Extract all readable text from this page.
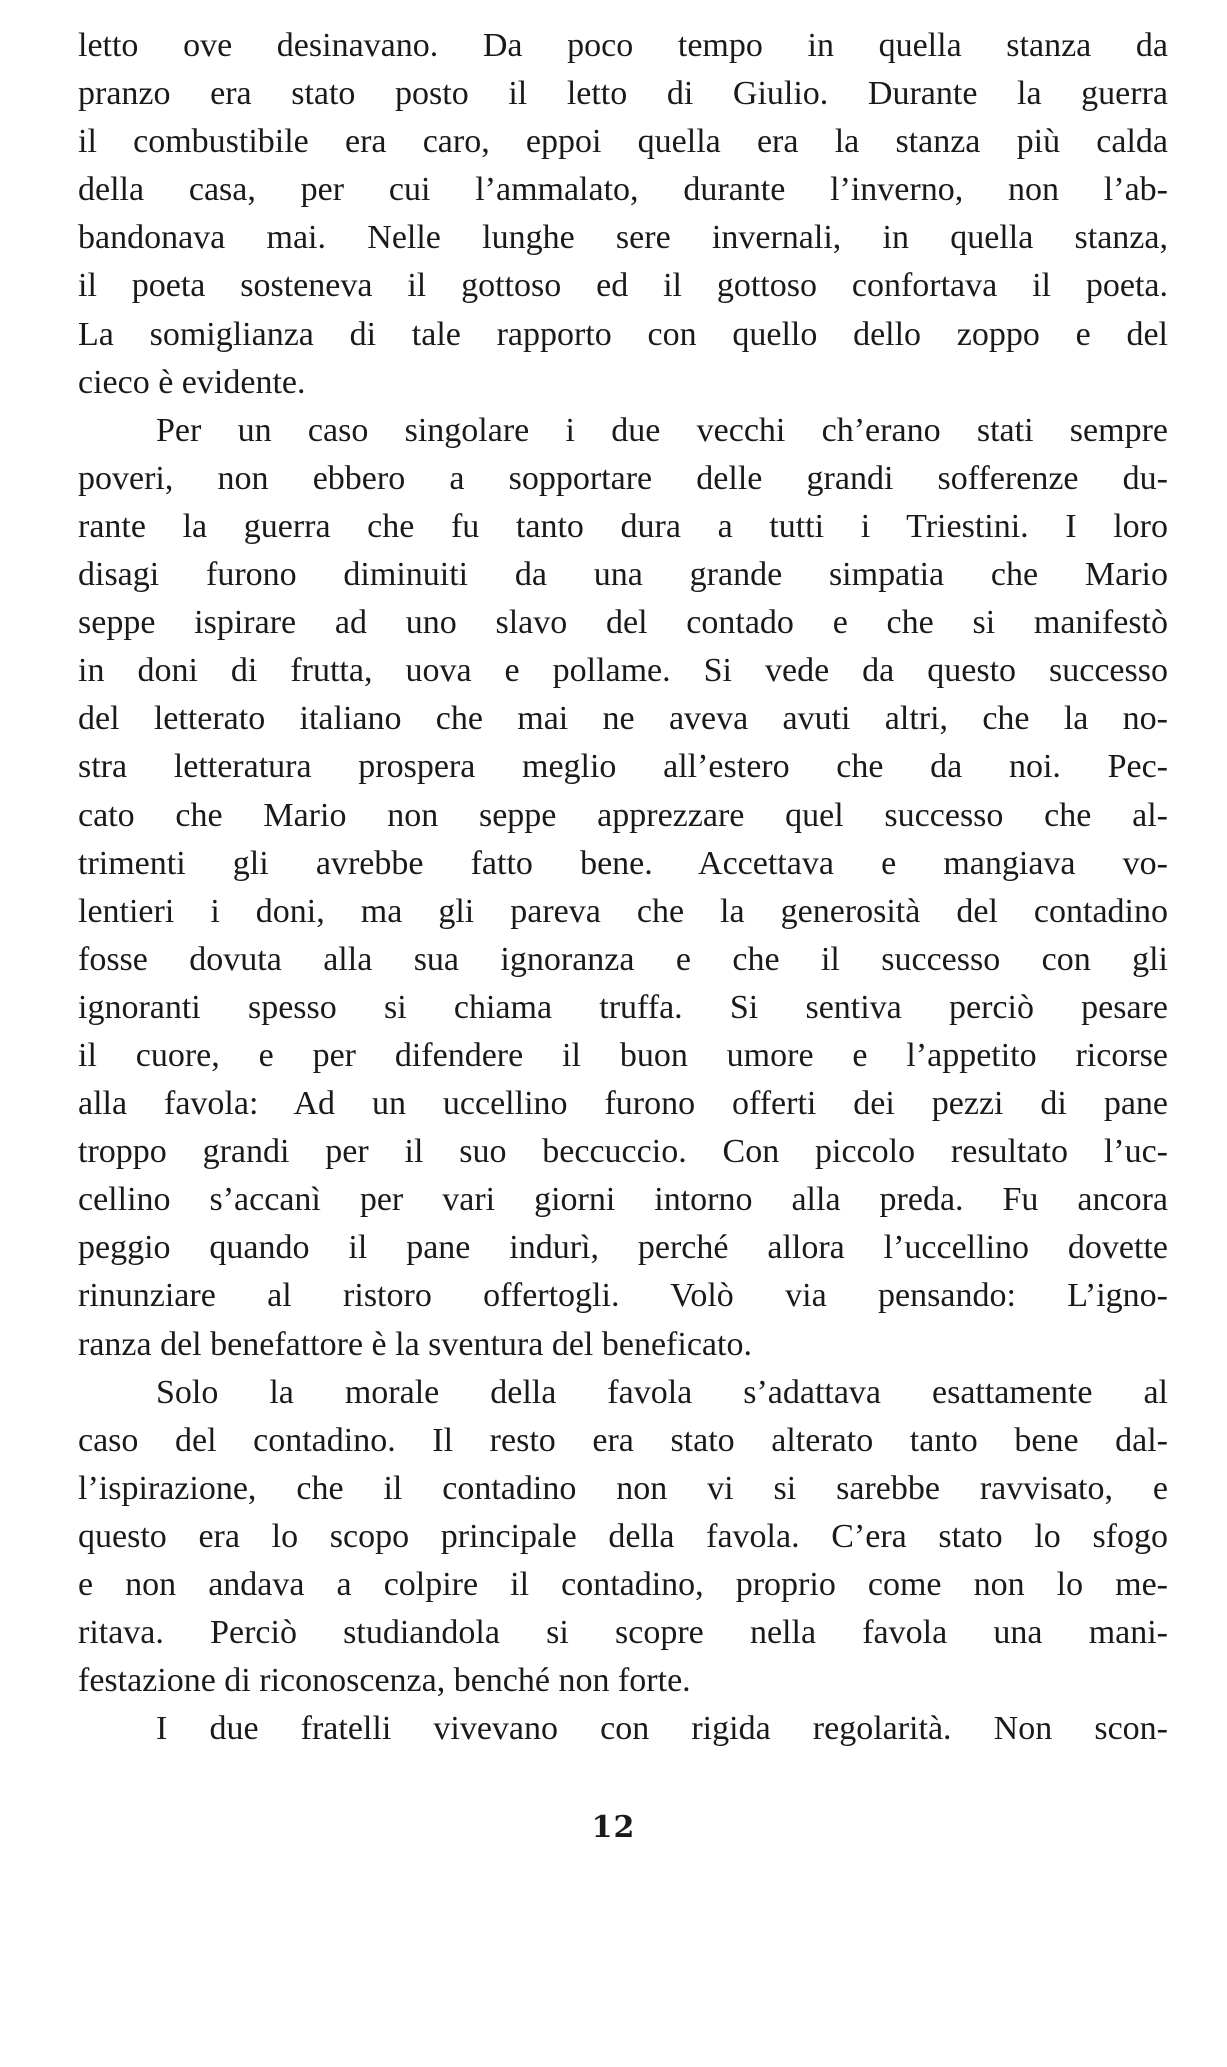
letto ove desinavano. Da poco tempo in quella stanza da
pranzo era stato posto il letto di Giulio. Durante la guerra
il combustibile era caro, eppoi quella era la stanza più calda
della casa, per cui l’ammalato, durante l’inverno, non l’ab-
bandonava mai. Nelle lunghe sere invernali, in quella stanza,
il poeta sosteneva il gottoso ed il gottoso confortava il poeta.
La somiglianza di tale rapporto con quello dello zoppo e del
cieco è evidente.
Per un caso singolare i due vecchi ch’erano stati sempre
poveri, non ebbero a sopportare delle grandi sofferenze du-
rante la guerra che fu tanto dura a tutti i Triestini. I loro
disagi furono diminuiti da una grande simpatia che Mario
seppe ispirare ad uno slavo del contado e che si manifestò
in doni di frutta, uova e pollame. Si vede da questo successo
del letterato italiano che mai ne aveva avuti altri, che la no-
stra letteratura prospera meglio all’estero che da noi. Pec-
cato che Mario non seppe apprezzare quel successo che al-
trimenti gli avrebbe fatto bene. Accettava e mangiava vo-
lentieri i doni, ma gli pareva che la generosità del contadino
fosse dovuta alla sua ignoranza e che il successo con gli
ignoranti spesso si chiama truffa. Si sentiva perciò pesare
il cuore, e per difendere il buon umore e l’appetito ricorse
alla favola: Ad un uccellino furono offerti dei pezzi di pane
troppo grandi per il suo beccuccio. Con piccolo resultato l’uc-
cellino s’accanì per vari giorni intorno alla preda. Fu ancora
peggio quando il pane indurì, perché allora l’uccellino dovette
rinunziare al ristoro offertogli. Volò via pensando: L’igno-
ranza del benefattore è la sventura del beneficato.
Solo la morale della favola s’adattava esattamente al
caso del contadino. Il resto era stato alterato tanto bene dal-
l’ispirazione, che il contadino non vi si sarebbe ravvisato, e
questo era lo scopo principale della favola. C’era stato lo sfogo
e non andava a colpire il contadino, proprio come non lo me-
ritava. Perciò studiandola si scopre nella favola una mani-
festazione di riconoscenza, benché non forte.
I due fratelli vivevano con rigida regolarità. Non scon-
12
